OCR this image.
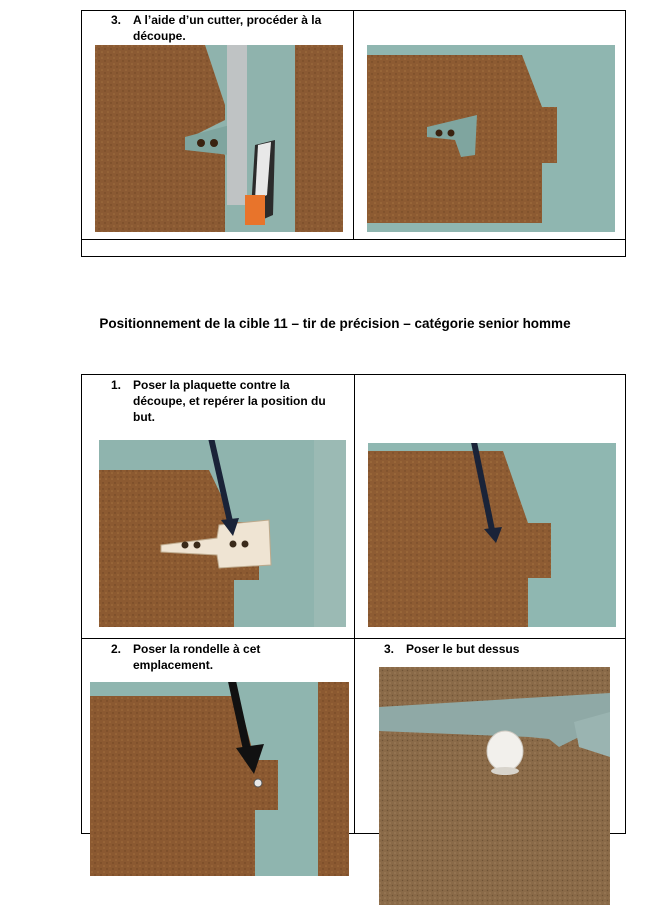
3. A l’aide d’un cutter, procéder à la
découpe.
Positionnement de la cible 11 – tir de précision – catégorie senior homme
1. Poser la plaquette contre la
découpe, et repérer la position du
but.
2. Poser la rondelle à cet
emplacement.
3. Poser le but dessus
